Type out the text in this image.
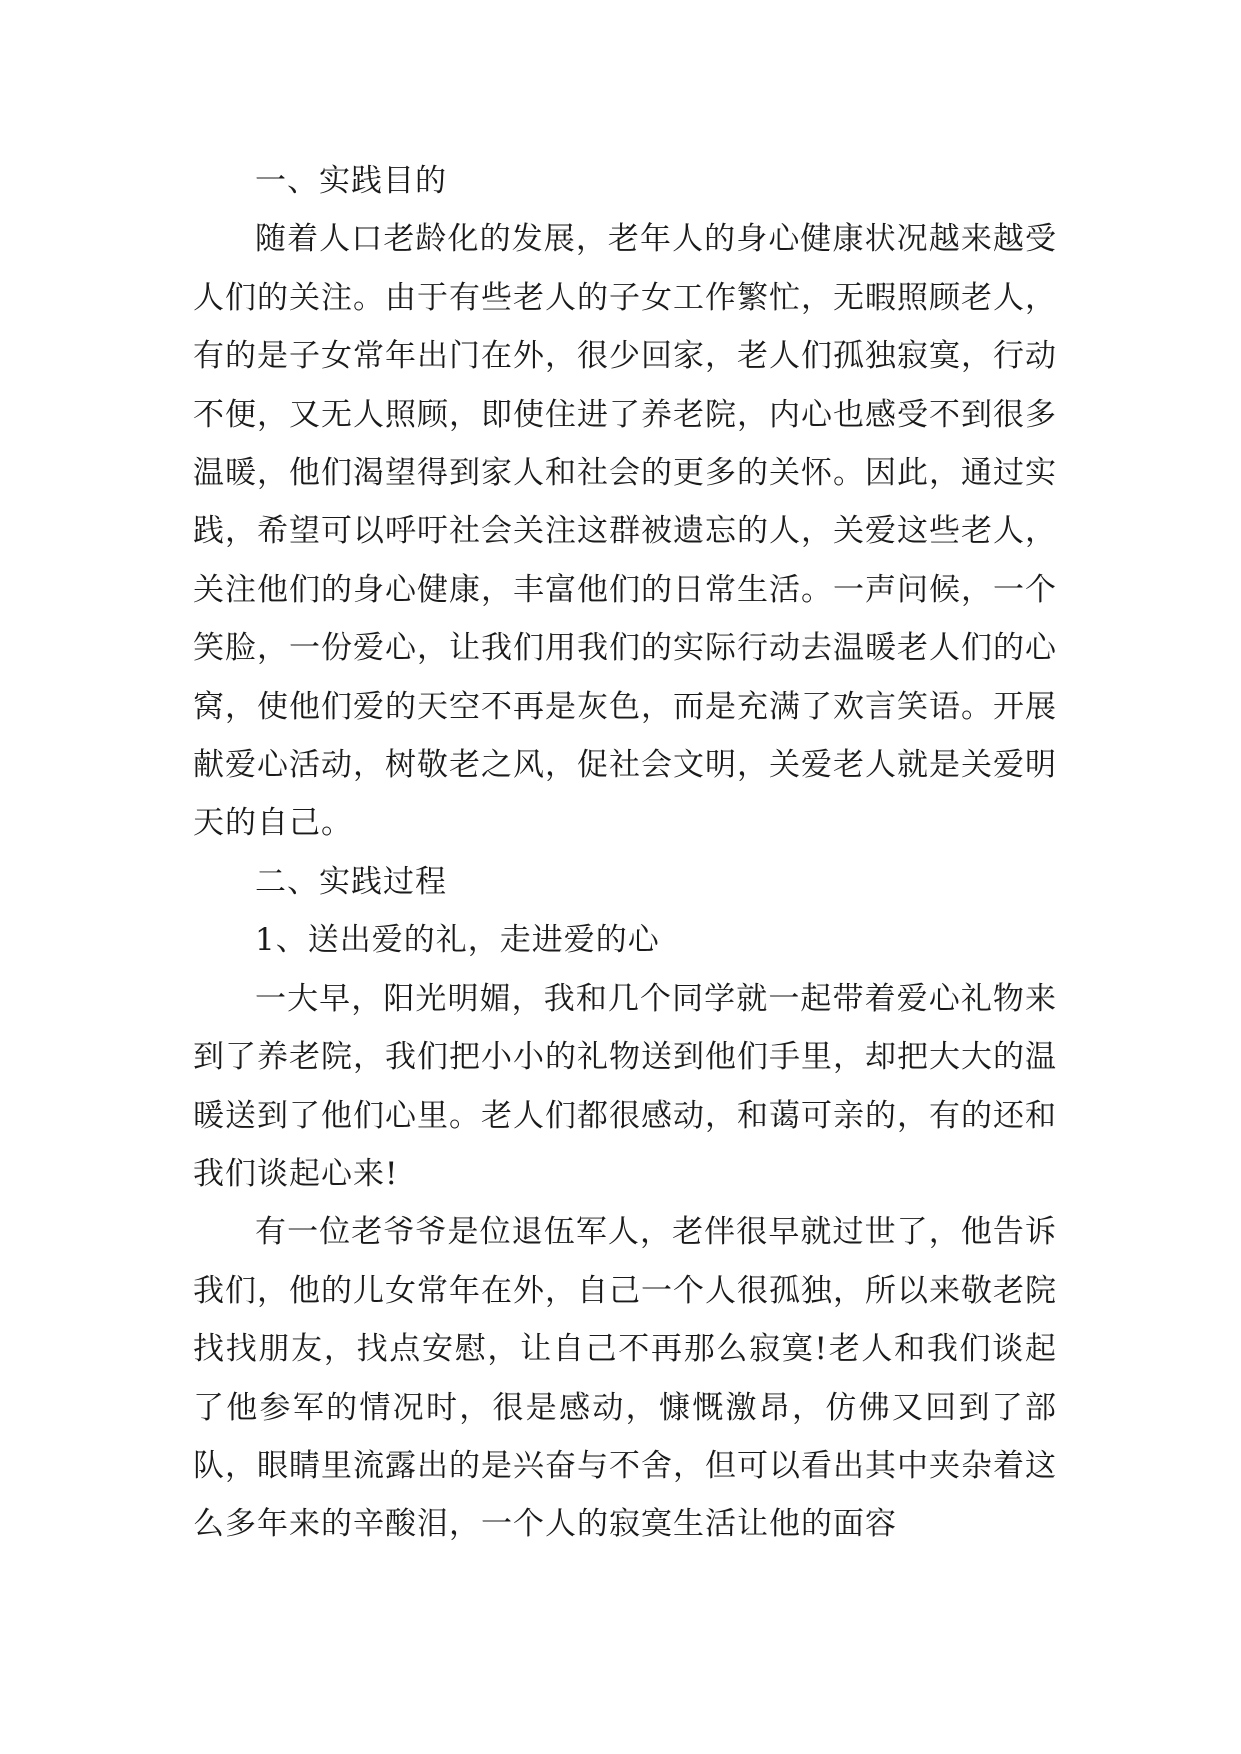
一、实践目的

随着人口老龄化的发展，老年人的身心健康状况越来越受人们的关注。由于有些老人的子女工作繁忙，无暇照顾老人，有的是子女常年出门在外，很少回家，老人们孤独寂寞，行动不便，又无人照顾，即使住进了养老院，内心也感受不到很多温暖，他们渴望得到家人和社会的更多的关怀。因此，通过实践，希望可以呼吁社会关注这群被遗忘的人，关爱这些老人，关注他们的身心健康，丰富他们的日常生活。一声问候，一个笑脸，一份爱心，让我们用我们的实际行动去温暖老人们的心窝，使他们爱的天空不再是灰色，而是充满了欢言笑语。开展献爱心活动，树敬老之风，促社会文明，关爱老人就是关爱明天的自己。

二、实践过程

1、送出爱的礼，走进爱的心

一大早，阳光明媚，我和几个同学就一起带着爱心礼物来到了养老院，我们把小小的礼物送到他们手里，却把大大的温暖送到了他们心里。老人们都很感动，和蔼可亲的，有的还和我们谈起心来!

有一位老爷爷是位退伍军人，老伴很早就过世了，他告诉我们，他的儿女常年在外，自己一个人很孤独，所以来敬老院找找朋友，找点安慰，让自己不再那么寂寞!老人和我们谈起了他参军的情况时，很是感动，慷慨激昂，仿佛又回到了部队，眼睛里流露出的是兴奋与不舍，但可以看出其中夹杂着这么多年来的辛酸泪，一个人的寂寞生活让他的面容
